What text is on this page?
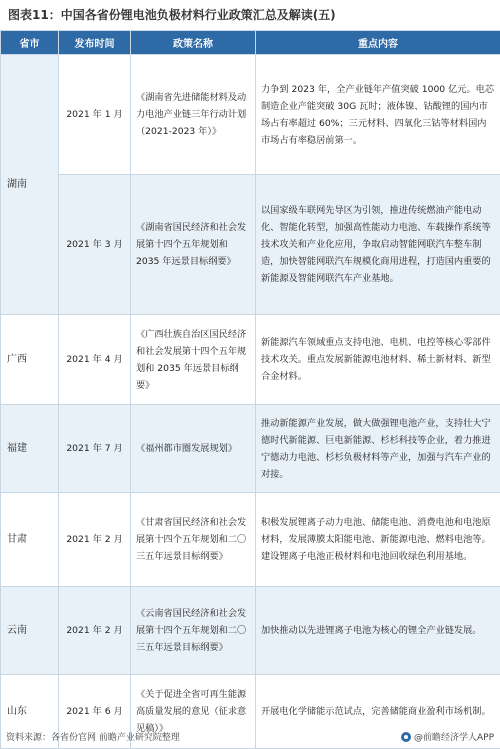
图表11：中国各省份锂电池负极材料行业政策汇总及解读(五)
省市	发布时间	政策名称	重点内容
湖南	2021 年 1 月	《湖南省先进储能材料及动力电池产业链三年行动计划（2021-2023 年）》	力争到 2023 年，全产业链年产值突破 1000 亿元。电芯制造企业产能突破 30G 瓦时；液体镍、钴酸锂的国内市场占有率超过 60%；三元材料、四氧化三钴等材料国内市场占有率稳居前第一。
	2021 年 3 月	《湖南省国民经济和社会发展第十四个五年规划和 2035 年远景目标纲要》	以国家级车联网先导区为引领，推进传统燃油产能电动化、智能化转型，加强高性能动力电池、车载操作系统等技术攻关和产业化应用，争取启动智能网联汽车整车制造，加快智能网联汽车规模化商用进程，打造国内重要的新能源及智能网联汽车产业基地。
广西	2021 年 4 月	《广西壮族自治区国民经济和社会发展第十四个五年规划和 2035 年远景目标纲要》	新能源汽车领域重点支持电池、电机、电控等核心零部件技术攻关。重点发展新能源电池材料、稀土新材料、新型合金材料。
福建	2021 年 7 月	《福州都市圈发展规划》	推动新能源产业发展，做大做强锂电池产业，支持壮大宁德时代新能源、巨电新能源、杉杉科技等企业，着力推进宁德动力电池、杉杉负极材料等产业，加强与汽车产业的对接。
甘肃	2021 年 2 月	《甘肃省国民经济和社会发展第十四个五年规划和二〇三五年远景目标纲要》	积极发展锂离子动力电池、储能电池、消费电池和电池原材料，发展薄膜太阳能电池、新能源电池、燃料电池等。建设锂离子电池正极材料和电池回收绿色利用基地。
云南	2021 年 2 月	《云南省国民经济和社会发展第十四个五年规划和二〇三五年远景目标纲要》	加快推动以先进锂离子电池为核心的锂全产业链发展。
山东	2021 年 6 月	《关于促进全省可再生能源高质量发展的意见（征求意见稿）》	开展电化学储能示范试点，完善储能商业盈利市场机制。
资料来源：各省份官网 前瞻产业研究院整理	@前瞻经济学人APP
